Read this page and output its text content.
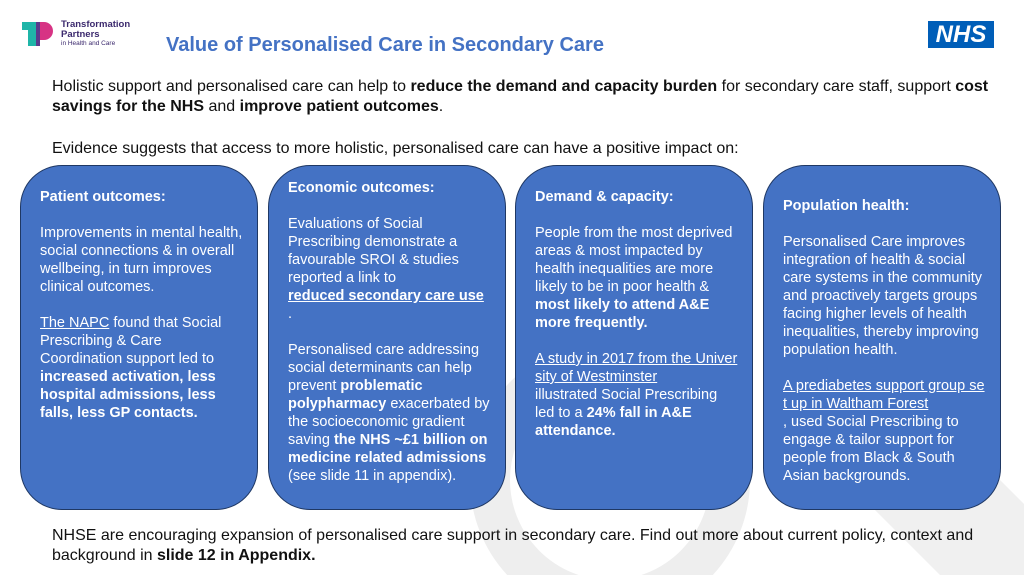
Transformation
Partners
in Health and Care	Value of Personalised Care in Secondary Care	NHS
Holistic support and personalised care can help to reduce the demand and capacity burden for secondary care staff, support cost savings for the NHS and improve patient outcomes.
Evidence suggests that access to more holistic, personalised care can have a positive impact on:
Patient outcomes:

Improvements in mental health, social connections & in overall wellbeing, in turn improves clinical outcomes.

The NAPC found that Social Prescribing & Care Coordination support led to increased activation, less hospital admissions, less falls, less GP contacts.

Economic outcomes:

Evaluations of Social Prescribing demonstrate a favourable SROI & studies reported a link to

reduced secondary care use

.

Personalised care addressing social determinants can help prevent problematic polypharmacy exacerbated by the socioeconomic gradient saving the NHS ~£1 billion on medicine related admissions (see slide 11 in appendix).

Demand & capacity:

People from the most deprived areas & most impacted by health inequalities are more likely to be in poor health & most likely to attend A&E more frequently.

A study in 2017 from the University of Westminster

illustrated Social Prescribing led to a 24% fall in A&E attendance.

Population health:

Personalised Care improves integration of health & social care systems in the community and proactively targets groups facing higher levels of health inequalities, thereby improving population health.

A prediabetes support group set up in Waltham Forest

, used Social Prescribing to engage & tailor support for people from Black & South Asian backgrounds.

NHSE are encouraging expansion of personalised care support in secondary care. Find out more about current policy, context and background in slide 12 in Appendix.
